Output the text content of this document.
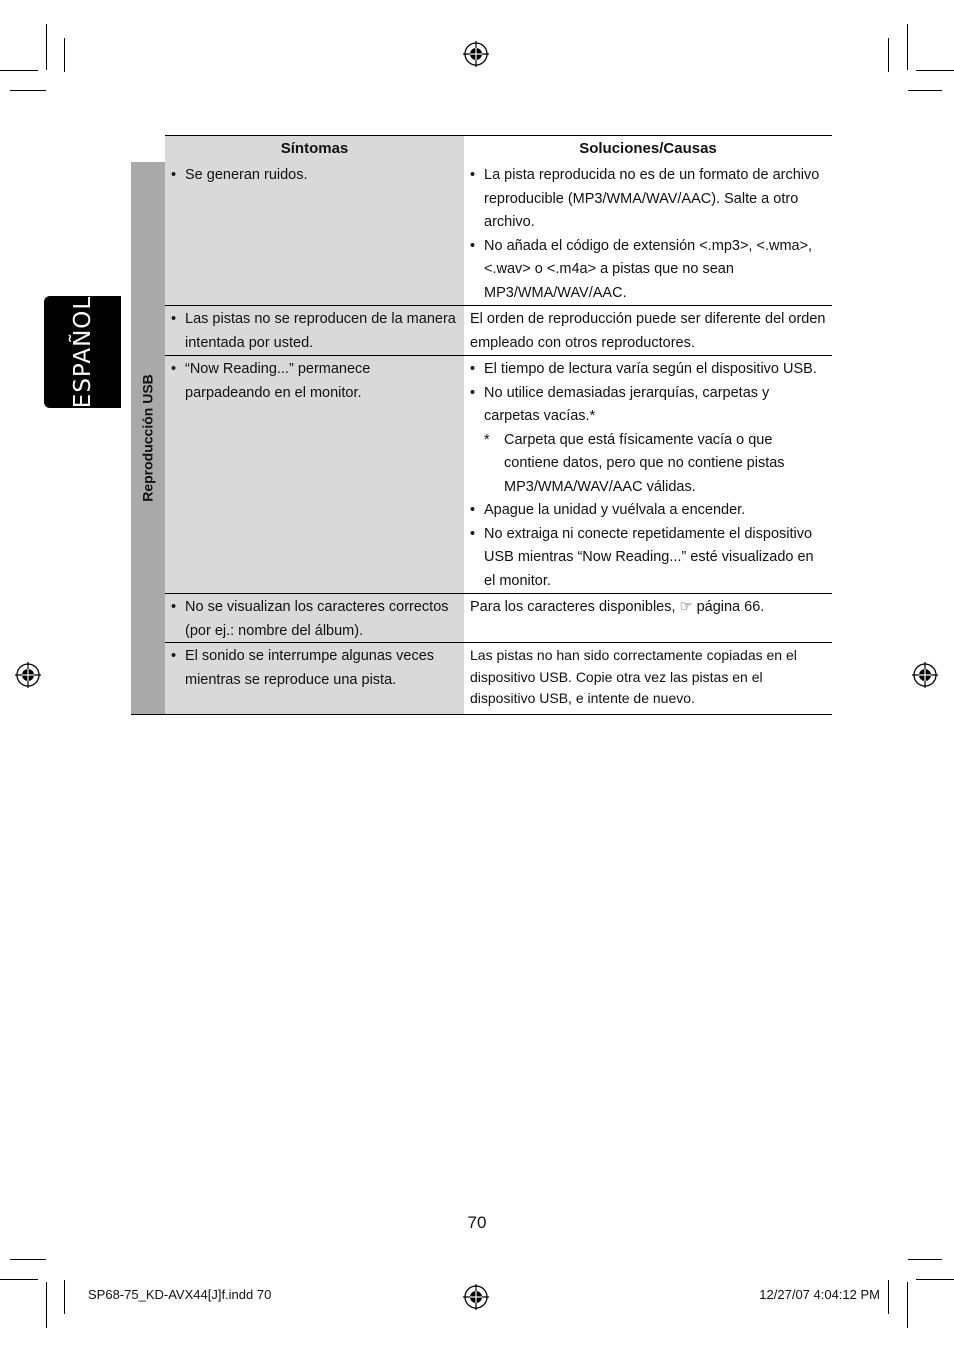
ESPAÑOL
Síntomas	Soluciones/Causas
Reproducción USB
• Se generan ruidos.
•	La pista reproducida no es de un formato de archivo reproducible (MP3/WMA/WAV/AAC). Salte a otro archivo.
• No añada el código de extensión <.mp3>, <.wma>, <.wav> o <.m4a> a pistas que no sean MP3/WMA/WAV/AAC.
• Las pistas no se reproducen de la manera intentada por usted.
El orden de reproducción puede ser diferente del orden empleado con otros reproductores.
• “Now Reading...” permanece parpadeando en el monitor.
• El tiempo de lectura varía según el dispositivo USB.
• No utilice demasiadas jerarquías, carpetas y carpetas vacías.*
* Carpeta que está físicamente vacía o que contiene datos, pero que no contiene pistas MP3/WMA/WAV/AAC válidas.
• Apague la unidad y vuélvala a encender.
• No extraiga ni conecte repetidamente el dispositivo USB mientras “Now Reading...” esté visualizado en el monitor.
• No se visualizan los caracteres correctos (por ej.: nombre del álbum).
Para los caracteres disponibles, ☞ página 66.
• El sonido se interrumpe algunas veces mientras se reproduce una pista.
Las pistas no han sido correctamente copiadas en el dispositivo USB. Copie otra vez las pistas en el dispositivo USB, e intente de nuevo.
70
SP68-75_KD-AVX44[J]f.indd 70	12/27/07 4:04:12 PM
